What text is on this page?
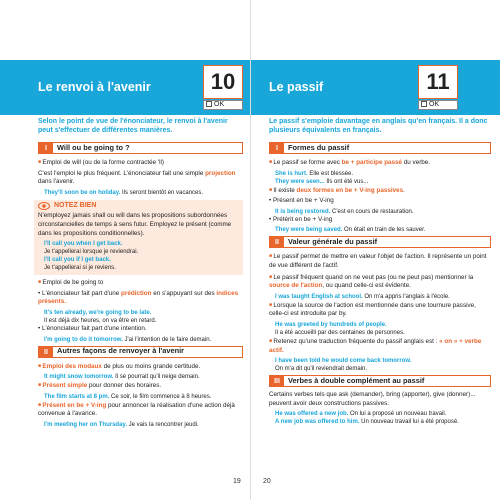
Le renvoi à l'avenir	10
OK
Selon le point de vue de l'énonciateur, le renvoi à l'avenir peut s'effectuer de différentes manières.
I	Will ou be going to ?
■ Emploi de will (ou de la forme contractée 'll)
C'est l'emploi le plus fréquent. L'énonciateur fait une simple projection dans l'avenir.
They'll soon be on holiday. Ils seront bientôt en vacances.
NOTEZ BIEN
N'employez jamais shall ou will dans les propositions subordonnées circonstancielles de temps à sens futur. Employez le présent (comme dans les propositions conditionnelles).
I'll call you when I get back.
Je t'appellerai lorsque je reviendrai.
I'll call you if I get back.
Je t'appellerai si je reviens.
■ Emploi de be going to
• L'énonciateur fait part d'une prédiction en s'appuyant sur des indices présents.
It's ten already, we're going to be late.
Il est déjà dix heures, on va être en retard.
• L'énonciateur fait part d'une intention.
I'm going to do it tomorrow. J'ai l'intention de le faire demain.
II	Autres façons de renvoyer à l'avenir
■ Emploi des modaux de plus ou moins grande certitude.
It might snow tomorrow. Il se pourrait qu'il neige demain.
■ Présent simple pour donner des horaires.
The film starts at 8 pm. Ce soir, le film commence à 8 heures.
■ Présent en be + V-ing pour annoncer la réalisation d'une action déjà convenue à l'avance.
I'm meeting her on Thursday. Je vais la rencontrer jeudi.
19
Le passif	11
OK
Le passif s'emploie davantage en anglais qu'en français. Il a donc plusieurs équivalents en français.
I	Formes du passif
■ Le passif se forme avec be + participe passé du verbe.
She is hurt. Elle est blessée.
They were seen... Ils ont été vus...
■ Il existe deux formes en be + V-ing passives.
• Présent en be + V-ing
It is being restored. C'est en cours de restauration.
• Prétérit en be + V-ing
They were being saved. On était en train de les sauver.
II	Valeur générale du passif
■ Le passif permet de mettre en valeur l'objet de l'action. Il représente un point de vue différent de l'actif.
■ Le passif fréquent quand on ne veut pas (ou ne peut pas) mentionner la source de l'action, ou quand celle-ci est évidente.
I was taught English at school. On m'a appris l'anglais à l'école.
■ Lorsque la source de l'action est mentionnée dans une tournure passive, celle-ci est introduite par by.
He was greeted by hundreds of people.
Il a été accueilli par des centaines de personnes.
■ Retenez qu'une traduction fréquente du passif anglais est : « on » + verbe actif.
I have been told he would come back tomorrow.
On m'a dit qu'il reviendrait demain.
III	Verbes à double complément au passif
Certains verbes tels que ask (demander), bring (apporter), give (donner)... peuvent avoir deux constructions passives.
He was offered a new job. On lui a proposé un nouveau travail.
A new job was offered to him. Un nouveau travail lui a été proposé.
20
